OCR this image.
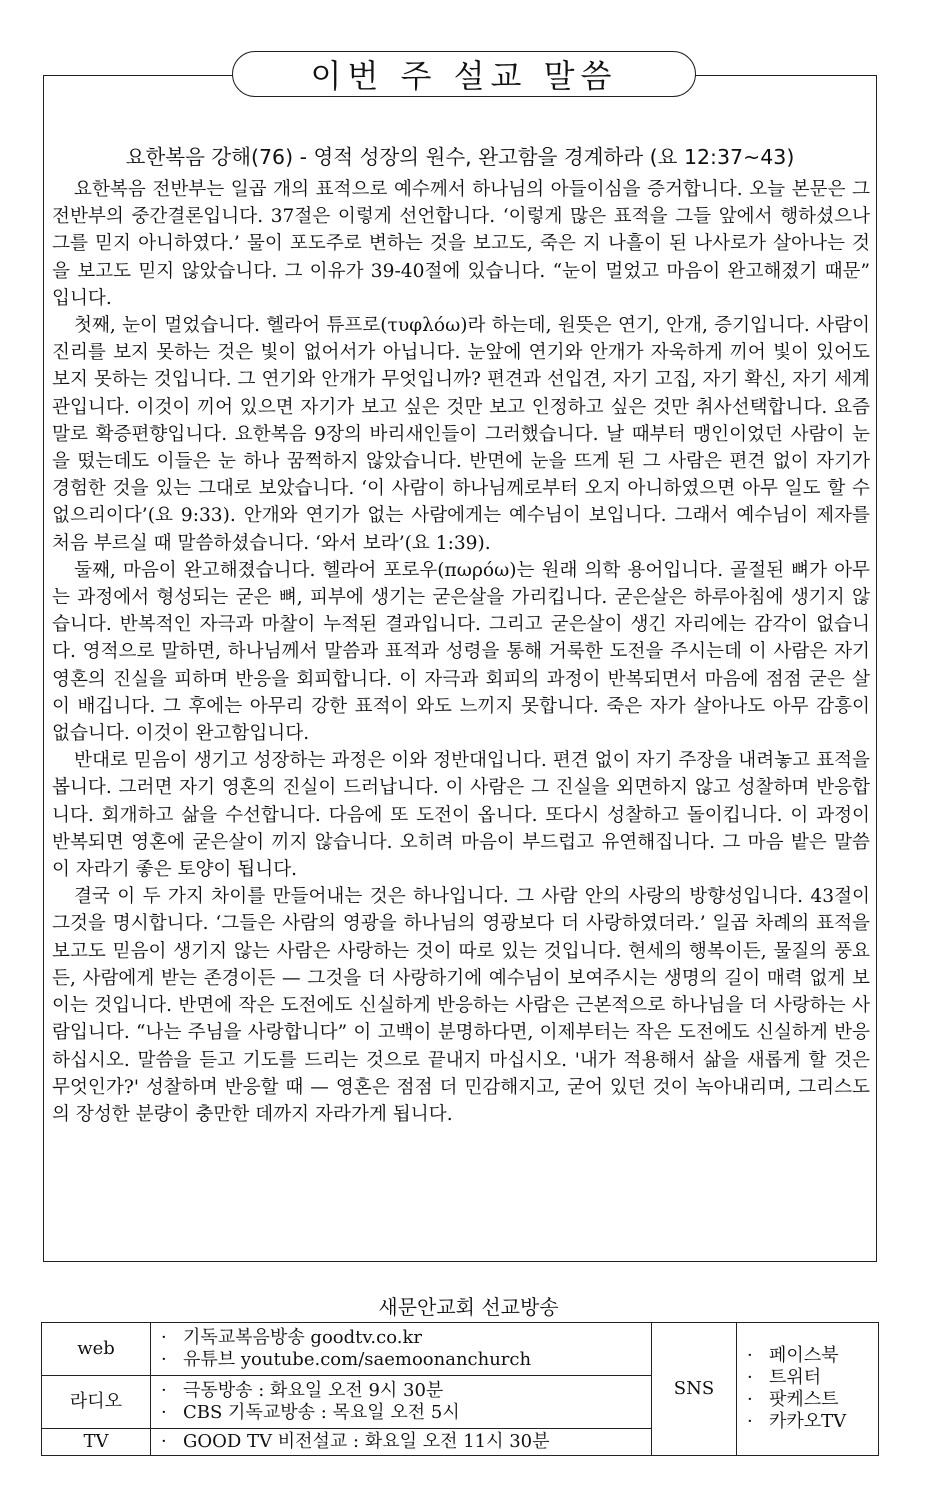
이번 주 설교 말씀
요한복음 강해(76) - 영적 성장의 원수, 완고함을 경계하라 (요 12:37~43)

요한복음 전반부는 일곱 개의 표적으로 예수께서 하나님의 아들이심을 증거합니다. 오늘 본문은 그 전반부의 중간결론입니다. 37절은 이렇게 선언합니다. ‘이렇게 많은 표적을 그들 앞에서 행하셨으나 그를 믿지 아니하였다.’ 물이 포도주로 변하는 것을 보고도, 죽은 지 나흘이 된 나사로가 살아나는 것을 보고도 믿지 않았습니다. 그 이유가 39-40절에 있습니다. “눈이 멀었고 마음이 완고해졌기 때문” 입니다.

첫째, 눈이 멀었습니다. 헬라어 튜프로(τυφλόω)라 하는데, 원뜻은 연기, 안개, 증기입니다. 사람이 진리를 보지 못하는 것은 빛이 없어서가 아닙니다. 눈앞에 연기와 안개가 자욱하게 끼어 빛이 있어도 보지 못하는 것입니다. 그 연기와 안개가 무엇입니까? 편견과 선입견, 자기 고집, 자기 확신, 자기 세계관입니다. 이것이 끼어 있으면 자기가 보고 싶은 것만 보고 인정하고 싶은 것만 취사선택합니다. 요즘 말로 확증편향입니다. 요한복음 9장의 바리새인들이 그러했습니다. 날 때부터 맹인이었던 사람이 눈을 떴는데도 이들은 눈 하나 꿈쩍하지 않았습니다. 반면에 눈을 뜨게 된 그 사람은 편견 없이 자기가 경험한 것을 있는 그대로 보았습니다. ‘이 사람이 하나님께로부터 오지 아니하였으면 아무 일도 할 수 없으리이다’(요 9:33). 안개와 연기가 없는 사람에게는 예수님이 보입니다. 그래서 예수님이 제자를 처음 부르실 때 말씀하셨습니다. ‘와서 보라’(요 1:39).

둘째, 마음이 완고해졌습니다. 헬라어 포로우(πωρόω)는 원래 의학 용어입니다. 골절된 뼈가 아무는 과정에서 형성되는 굳은 뼈, 피부에 생기는 굳은살을 가리킵니다. 굳은살은 하루아침에 생기지 않습니다. 반복적인 자극과 마찰이 누적된 결과입니다. 그리고 굳은살이 생긴 자리에는 감각이 없습니다. 영적으로 말하면, 하나님께서 말씀과 표적과 성령을 통해 거룩한 도전을 주시는데 이 사람은 자기 영혼의 진실을 피하며 반응을 회피합니다. 이 자극과 회피의 과정이 반복되면서 마음에 점점 굳은 살이 배깁니다. 그 후에는 아무리 강한 표적이 와도 느끼지 못합니다. 죽은 자가 살아나도 아무 감흥이 없습니다. 이것이 완고함입니다.

반대로 믿음이 생기고 성장하는 과정은 이와 정반대입니다. 편견 없이 자기 주장을 내려놓고 표적을 봅니다. 그러면 자기 영혼의 진실이 드러납니다. 이 사람은 그 진실을 외면하지 않고 성찰하며 반응합니다. 회개하고 삶을 수선합니다. 다음에 또 도전이 옵니다. 또다시 성찰하고 돌이킵니다. 이 과정이 반복되면 영혼에 굳은살이 끼지 않습니다. 오히려 마음이 부드럽고 유연해집니다. 그 마음 밭은 말씀이 자라기 좋은 토양이 됩니다.

결국 이 두 가지 차이를 만들어내는 것은 하나입니다. 그 사람 안의 사랑의 방향성입니다. 43절이 그것을 명시합니다. ‘그들은 사람의 영광을 하나님의 영광보다 더 사랑하였더라.’ 일곱 차례의 표적을 보고도 믿음이 생기지 않는 사람은 사랑하는 것이 따로 있는 것입니다. 현세의 행복이든, 물질의 풍요든, 사람에게 받는 존경이든 — 그것을 더 사랑하기에 예수님이 보여주시는 생명의 길이 매력 없게 보이는 것입니다. 반면에 작은 도전에도 신실하게 반응하는 사람은 근본적으로 하나님을 더 사랑하는 사람입니다. “나는 주님을 사랑합니다” 이 고백이 분명하다면, 이제부터는 작은 도전에도 신실하게 반응하십시오. 말씀을 듣고 기도를 드리는 것으로 끝내지 마십시오. '내가 적용해서 삶을 새롭게 할 것은 무엇인가?' 성찰하며 반응할 때 — 영혼은 점점 더 민감해지고, 굳어 있던 것이 녹아내리며, 그리스도의 장성한 분량이 충만한 데까지 자라가게 됩니다.

새문안교회 선교방송
web	· 기독교복음방송 goodtv.co.kr
· 유튜브 youtube.com/saemoonanchurch	SNS	· 페이스북
· 트위터
· 팟케스트
· 카카오TV

라디오	· 극동방송 : 화요일 오전 9시 30분
· CBS 기독교방송 : 목요일 오전 5시		

TV	· GOOD TV 비전설교 : 화요일 오전 11시 30분		
